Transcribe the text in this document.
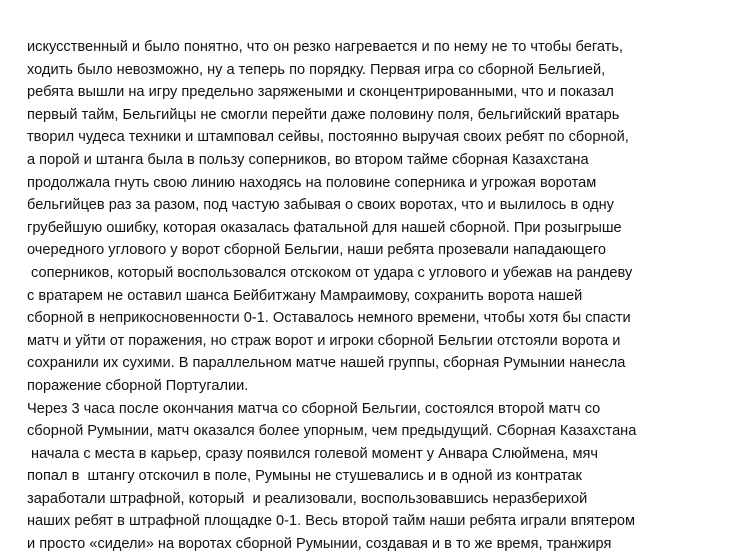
искусственный и было понятно, что он резко нагревается и по нему не то чтобы бегать,
ходить было невозможно, ну а теперь по порядку. Первая игра со сборной Бельгией,
ребята вышли на игру предельно заряжеными и сконцентрированными, что и показал
первый тайм, Бельгийцы не смогли перейти даже половину поля, бельгийский вратарь
творил чудеса техники и штамповал сейвы, постоянно выручая своих ребят по сборной,
а порой и штанга была в пользу соперников, во втором тайме сборная Казахстана
продолжала гнуть свою линию находясь на половине соперника и угрожая воротам
бельгийцев раз за разом, под частую забывая о своих воротах, что и вылилось в одну
грубейшую ошибку, которая оказалась фатальной для нашей сборной. При розыгрыше
очередного углового у ворот сборной Бельгии, наши ребята прозевали нападающего
соперников, который воспользовался отскоком от удара с углового и убежав на рандеву
с вратарем не оставил шанса Бейбитжану Мамраимову, сохранить ворота нашей
сборной в неприкосновенности 0-1. Оставалось немного времени, чтобы хотя бы спасти
матч и уйти от поражения, но страж ворот и игроки сборной Бельгии отстояли ворота и
сохранили их сухими. В параллельном матче нашей группы, сборная Румынии нанесла
поражение сборной Португалии.
Через 3 часа после окончания матча со сборной Бельгии, состоялся второй матч со
сборной Румынии, матч оказался более упорным, чем предыдущий. Сборная Казахстана
начала с места в карьер, сразу появился голевой момент у Анвара Слюймена, мяч
попал в  штангу отскочил в поле, Румыны не стушевались и в одной из контратак
заработали штрафной, который  и реализовали, воспользовавшись неразберихой
наших ребят в штрафной площадке 0-1. Весь второй тайм наши ребята играли впятером
и просто «сидели» на воротах сборной Румынии, создавая и в то же время, транжиря
